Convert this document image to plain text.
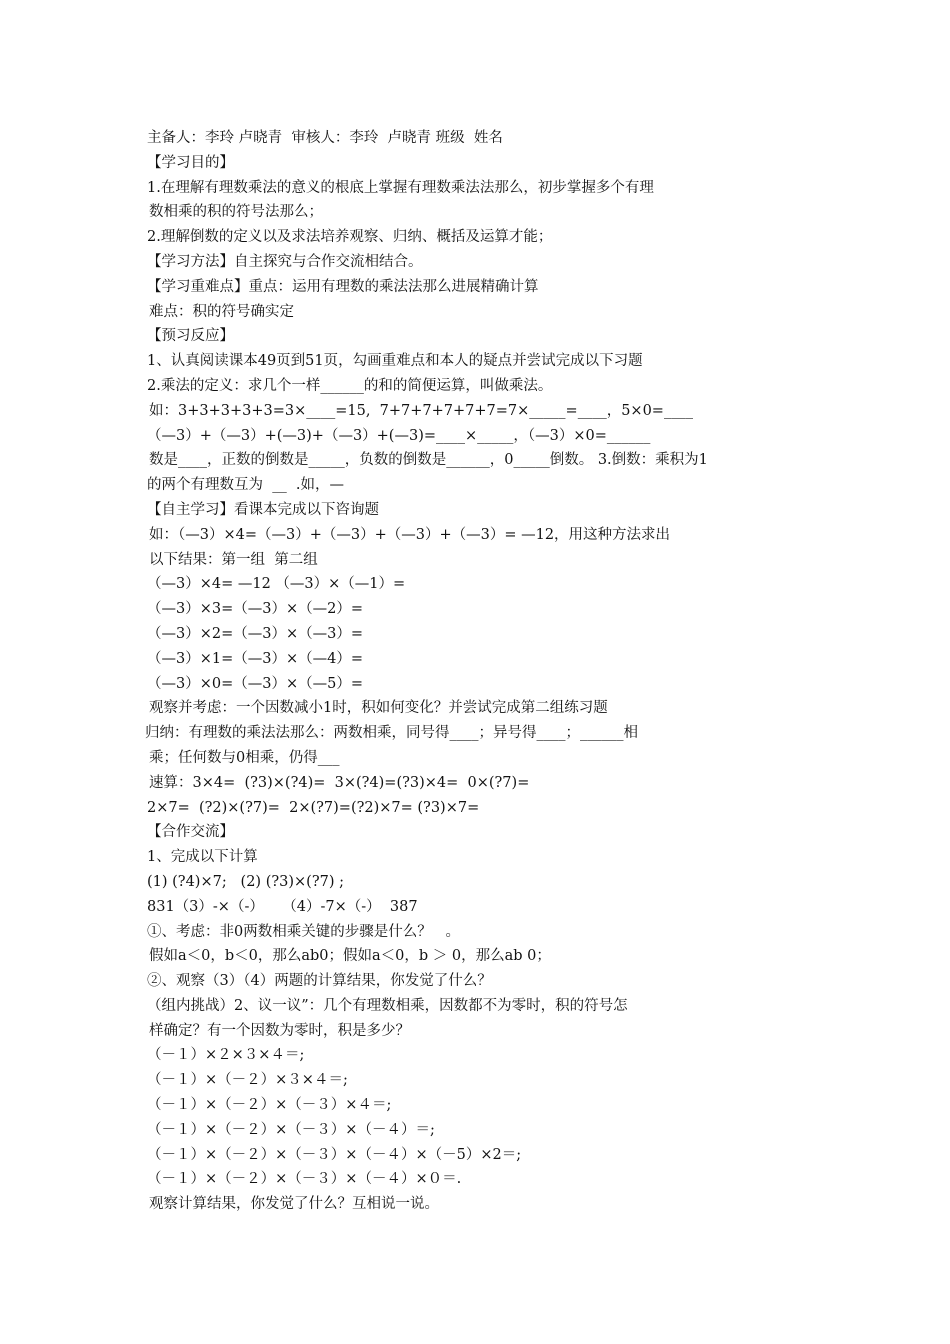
主备人：李玲 卢晓青  审核人：李玲  卢晓青 班级  姓名
【学习目的】
1.在理解有理数乘法的意义的根底上掌握有理数乘法法那么，初步掌握多个有理
数相乘的积的符号法那么；
2.理解倒数的定义以及求法培养观察、归纳、概括及运算才能；
【学习方法】自主探究与合作交流相结合。
【学习重难点】重点：运用有理数的乘法法那么进展精确计算
难点：积的符号确实定
【预习反应】
1、认真阅读课本49页到51页，勾画重难点和本人的疑点并尝试完成以下习题
2.乘法的定义：求几个一样______的和的简便运算，叫做乘法。
如：3+3+3+3+3=3×____=15,  7+7+7+7+7+7=7×_____=____，5×0=____
（—3）+（—3）+(—3)+（—3）+(—3)=____×_____，（—3）×0=______
数是____，正数的倒数是_____，负数的倒数是______，0_____倒数。 3.倒数：乘积为1
的两个有理数互为  __  .如，—
【自主学习】看课本完成以下咨询题
如：（—3）×4=（—3）+（—3）+（—3）+（—3）= —12，用这种方法求出
以下结果：第一组  第二组
（—3）×4= —12 （—3）×（—1）=
（—3）×3=（—3）×（—2）=
（—3）×2=（—3）×（—3）=
（—3）×1=（—3）×（—4）=
（—3）×0=（—3）×（—5）=
观察并考虑：一个因数减小1时，积如何变化？并尝试完成第二组练习题
归纳：有理数的乘法法那么：两数相乘，同号得____；异号得____；______相
乘；任何数与0相乘，仍得___
速算：3×4=  (?3)×(?4)=  3×(?4)=(?3)×4=  0×(?7)=
2×7=  (?2)×(?7)=  2×(?7)=(?2)×7= (?3)×7=
【合作交流】
1、完成以下计算
(1) (?4)×7;   (2) (?3)×(?7) ;
831（3）-×（-）    （4）-7×（-）  387
①、考虑：非0两数相乘关键的步骤是什么？   。
假如a＜0，b＜0，那么ab0；假如a＜0，b ＞ 0，那么ab 0；
②、观察（3）（4）两题的计算结果，你发觉了什么？
（组内挑战）2、议一议”：几个有理数相乘，因数都不为零时，积的符号怎
样确定？有一个因数为零时，积是多少？
（－１）×２×３×４＝;
（－１）×（－２）×３×４＝;
（－１）×（－２）×（－３）×４＝;
（－１）×（－２）×（－３）×（－４）＝;
（－１）×（－２）×（－３）×（－４）×（－5）×2＝;
（－１）×（－２）×（－３）×（－４）×０＝.
观察计算结果，你发觉了什么？互相说一说。
